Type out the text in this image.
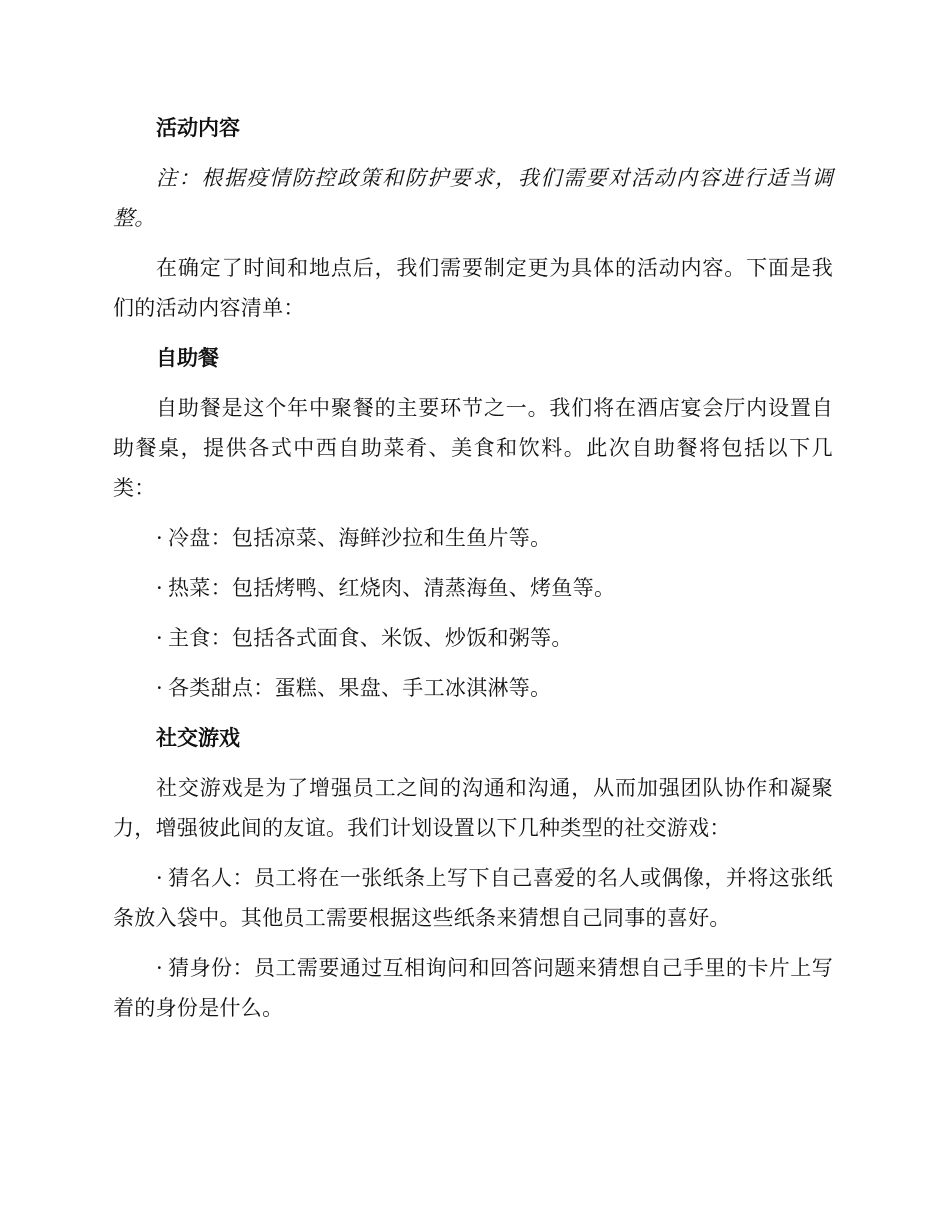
活动内容

注：根据疫情防控政策和防护要求，我们需要对活动内容进行适当调整。

在确定了时间和地点后，我们需要制定更为具体的活动内容。下面是我们的活动内容清单：

自助餐

自助餐是这个年中聚餐的主要环节之一。我们将在酒店宴会厅内设置自助餐桌，提供各式中西自助菜肴、美食和饮料。此次自助餐将包括以下几类：

· 冷盘：包括凉菜、海鲜沙拉和生鱼片等。

· 热菜：包括烤鸭、红烧肉、清蒸海鱼、烤鱼等。

· 主食：包括各式面食、米饭、炒饭和粥等。

· 各类甜点：蛋糕、果盘、手工冰淇淋等。

社交游戏

社交游戏是为了增强员工之间的沟通和沟通，从而加强团队协作和凝聚力，增强彼此间的友谊。我们计划设置以下几种类型的社交游戏：

· 猜名人：员工将在一张纸条上写下自己喜爱的名人或偶像，并将这张纸条放入袋中。其他员工需要根据这些纸条来猜想自己同事的喜好。

· 猜身份：员工需要通过互相询问和回答问题来猜想自己手里的卡片上写着的身份是什么。
